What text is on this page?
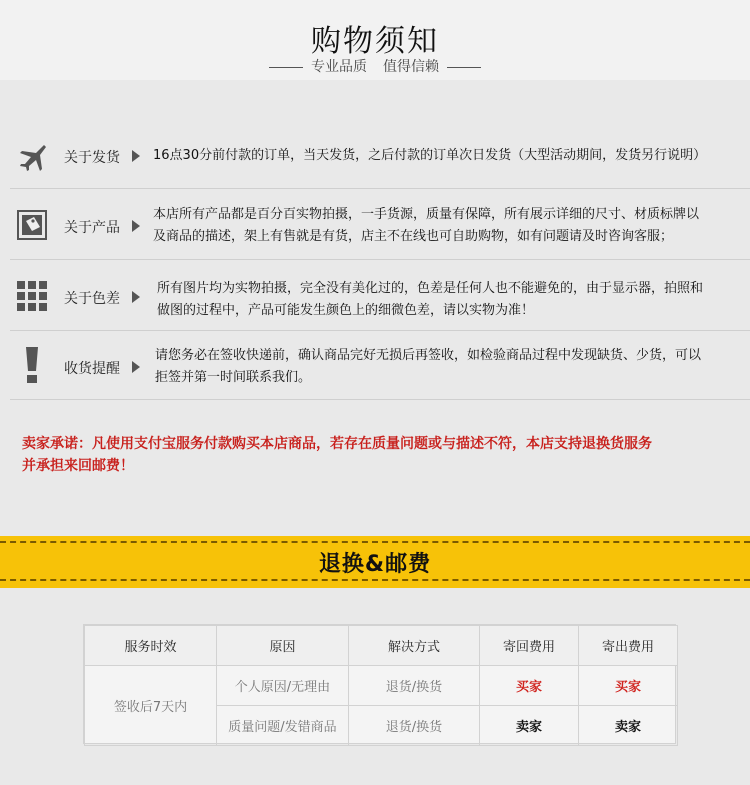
购物须知
专业品质 值得信赖
关于发货	16点30分前付款的订单，当天发货，之后付款的订单次日发货（大型活动期间，发货另行说明）
关于产品
本店所有产品都是百分百实物拍摄，一手货源，质量有保障，所有展示详细的尺寸、材质标牌以
及商品的描述，架上有售就是有货，店主不在线也可自助购物，如有问题请及时咨询客服；
关于色差
所有图片均为实物拍摄，完全没有美化过的，色差是任何人也不能避免的，由于显示器，拍照和
做图的过程中，产品可能发生颜色上的细微色差，请以实物为准！
收货提醒
请您务必在签收快递前，确认商品完好无损后再签收，如检验商品过程中发现缺货、少货，可以
拒签并第一时间联系我们。
卖家承诺：凡使用支付宝服务付款购买本店商品，若存在质量问题或与描述不符，本店支持退换货服务
并承担来回邮费！
退换&邮费
服务时效	原因	解决方式	寄回费用	寄出费用
签收后7天内	个人原因/无理由	退货/换货	买家	买家
	质量问题/发错商品	退货/换货	卖家	卖家
